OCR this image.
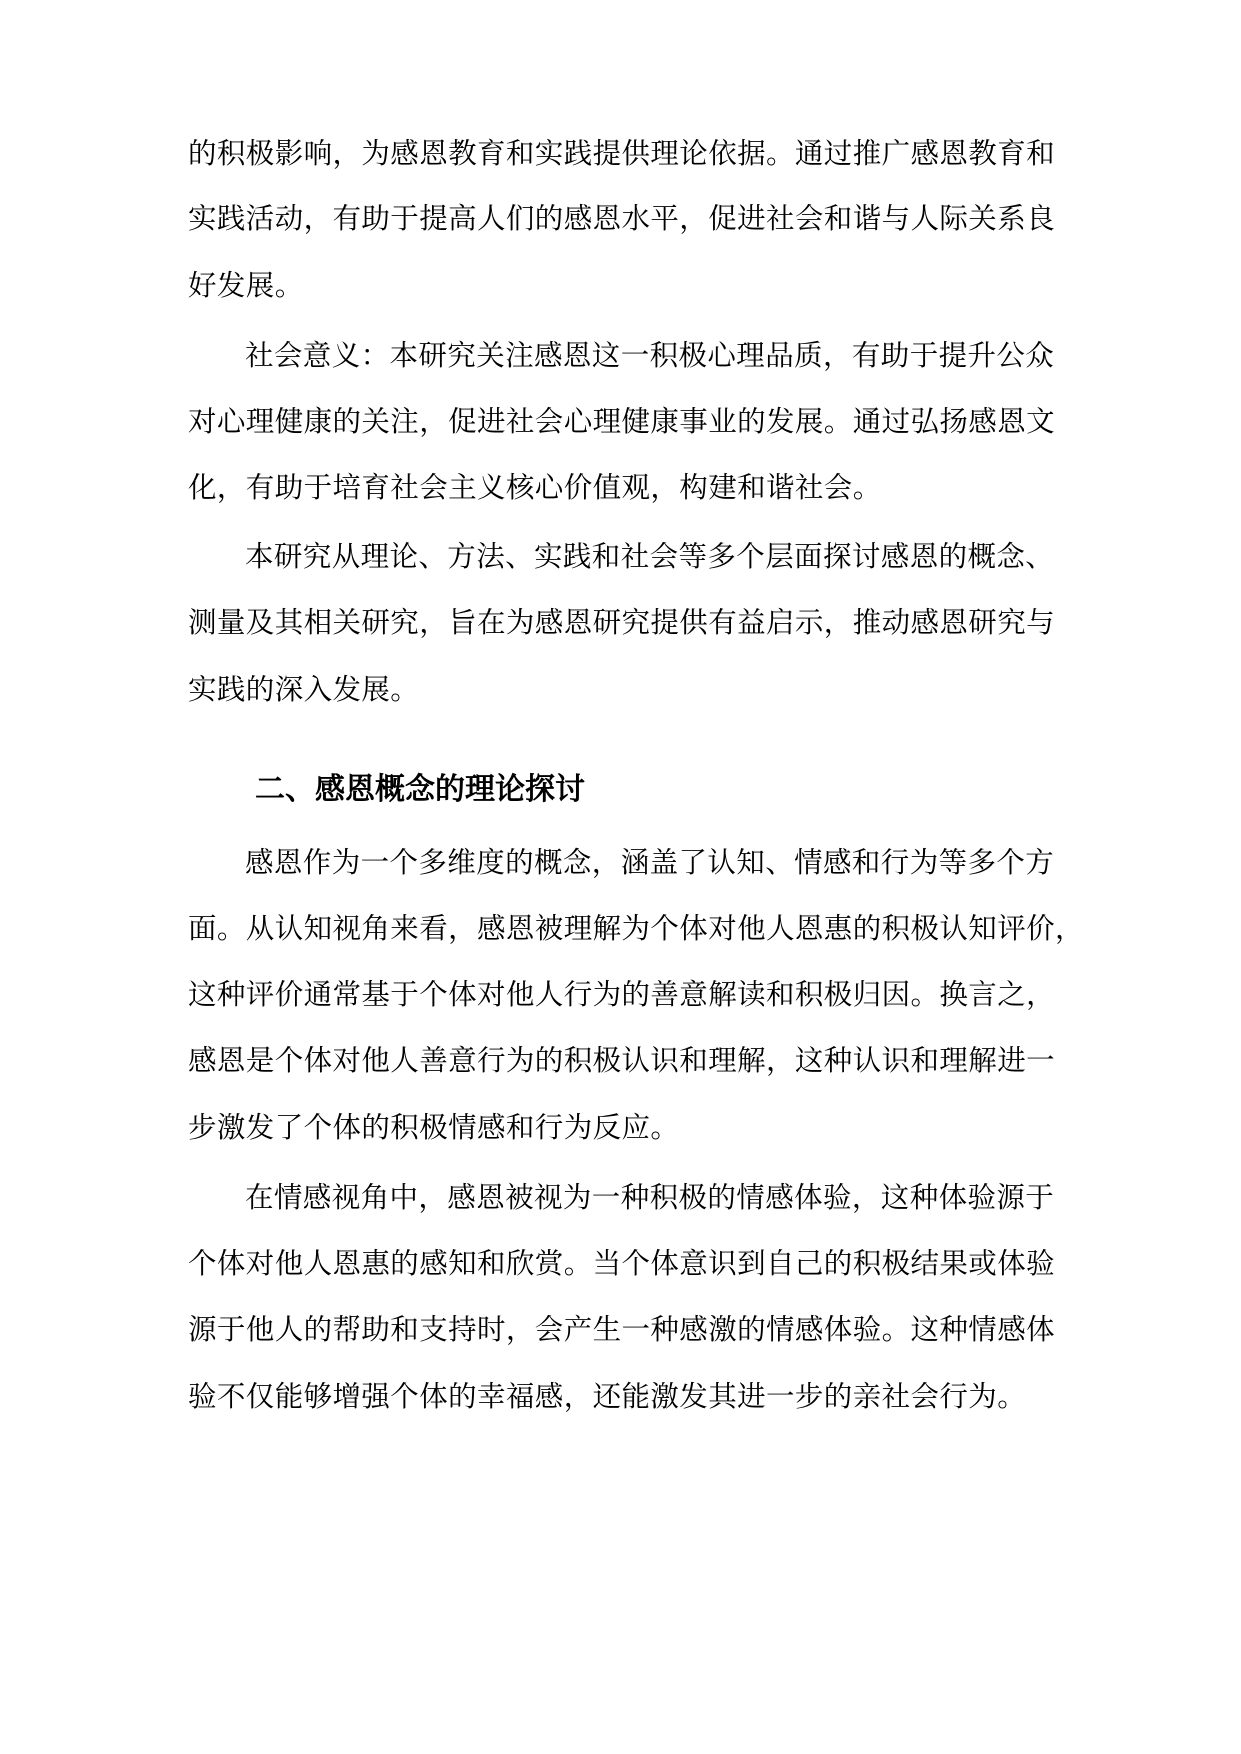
的积极影响，为感恩教育和实践提供理论依据。通过推广感恩教育和
实践活动，有助于提高人们的感恩水平，促进社会和谐与人际关系良
好发展。
社会意义：本研究关注感恩这一积极心理品质，有助于提升公众
对心理健康的关注，促进社会心理健康事业的发展。通过弘扬感恩文
化，有助于培育社会主义核心价值观，构建和谐社会。
本研究从理论、方法、实践和社会等多个层面探讨感恩的概念、
测量及其相关研究，旨在为感恩研究提供有益启示，推动感恩研究与
实践的深入发展。
二、感恩概念的理论探讨
感恩作为一个多维度的概念，涵盖了认知、情感和行为等多个方
面。从认知视角来看，感恩被理解为个体对他人恩惠的积极认知评价，
这种评价通常基于个体对他人行为的善意解读和积极归因。换言之，
感恩是个体对他人善意行为的积极认识和理解，这种认识和理解进一
步激发了个体的积极情感和行为反应。
在情感视角中，感恩被视为一种积极的情感体验，这种体验源于
个体对他人恩惠的感知和欣赏。当个体意识到自己的积极结果或体验
源于他人的帮助和支持时，会产生一种感激的情感体验。这种情感体
验不仅能够增强个体的幸福感，还能激发其进一步的亲社会行为。
